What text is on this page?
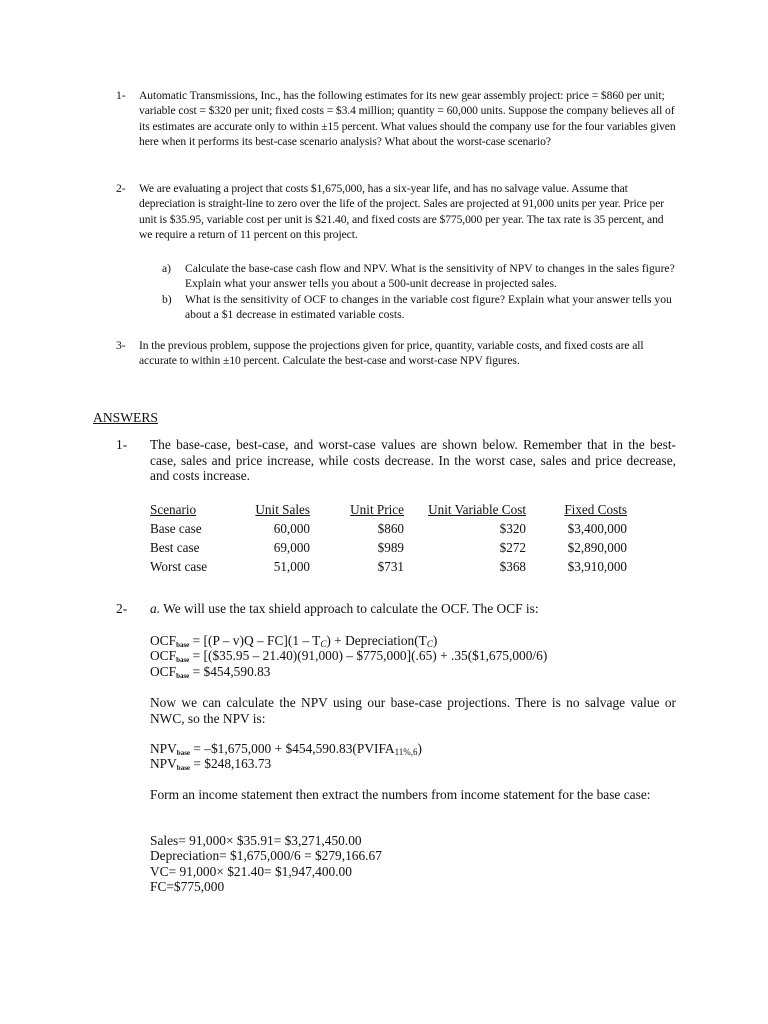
1- Automatic Transmissions, Inc., has the following estimates for its new gear assembly project: price = $860 per unit; variable cost = $320 per unit; fixed costs = $3.4 million; quantity = 60,000 units. Suppose the company believes all of its estimates are accurate only to within ±15 percent. What values should the company use for the four variables given here when it performs its best-case scenario analysis? What about the worst-case scenario?
2- We are evaluating a project that costs $1,675,000, has a six-year life, and has no salvage value. Assume that depreciation is straight-line to zero over the life of the project. Sales are projected at 91,000 units per year. Price per unit is $35.95, variable cost per unit is $21.40, and fixed costs are $775,000 per year. The tax rate is 35 percent, and we require a return of 11 percent on this project.
a) Calculate the base-case cash flow and NPV. What is the sensitivity of NPV to changes in the sales figure? Explain what your answer tells you about a 500-unit decrease in projected sales.
b) What is the sensitivity of OCF to changes in the variable cost figure? Explain what your answer tells you about a $1 decrease in estimated variable costs.
3- In the previous problem, suppose the projections given for price, quantity, variable costs, and fixed costs are all accurate to within ±10 percent. Calculate the best-case and worst-case NPV figures.
ANSWERS
1- The base-case, best-case, and worst-case values are shown below. Remember that in the best-case, sales and price increase, while costs decrease. In the worst case, sales and price decrease, and costs increase.
Scenario	Unit Sales	Unit Price	Unit Variable Cost	Fixed Costs
Base case	60,000	$860	$320	$3,400,000
Best case	69,000	$989	$272	$2,890,000
Worst case	51,000	$731	$368	$3,910,000
2- a. We will use the tax shield approach to calculate the OCF. The OCF is:
OCFbase = [(P – v)Q – FC](1 – TC) + Depreciation(TC)
OCFbase = [($35.95 – 21.40)(91,000) – $775,000](.65) + .35($1,675,000/6)
OCFbase = $454,590.83
Now we can calculate the NPV using our base-case projections. There is no salvage value or NWC, so the NPV is:
NPVbase = –$1,675,000 + $454,590.83(PVIFA11%,6)
NPVbase = $248,163.73
Form an income statement then extract the numbers from income statement for the base case:
Sales= 91,000× $35.91= $3,271,450.00
Depreciation= $1,675,000/6 = $279,166.67
VC= 91,000× $21.40= $1,947,400.00
FC=$775,000
